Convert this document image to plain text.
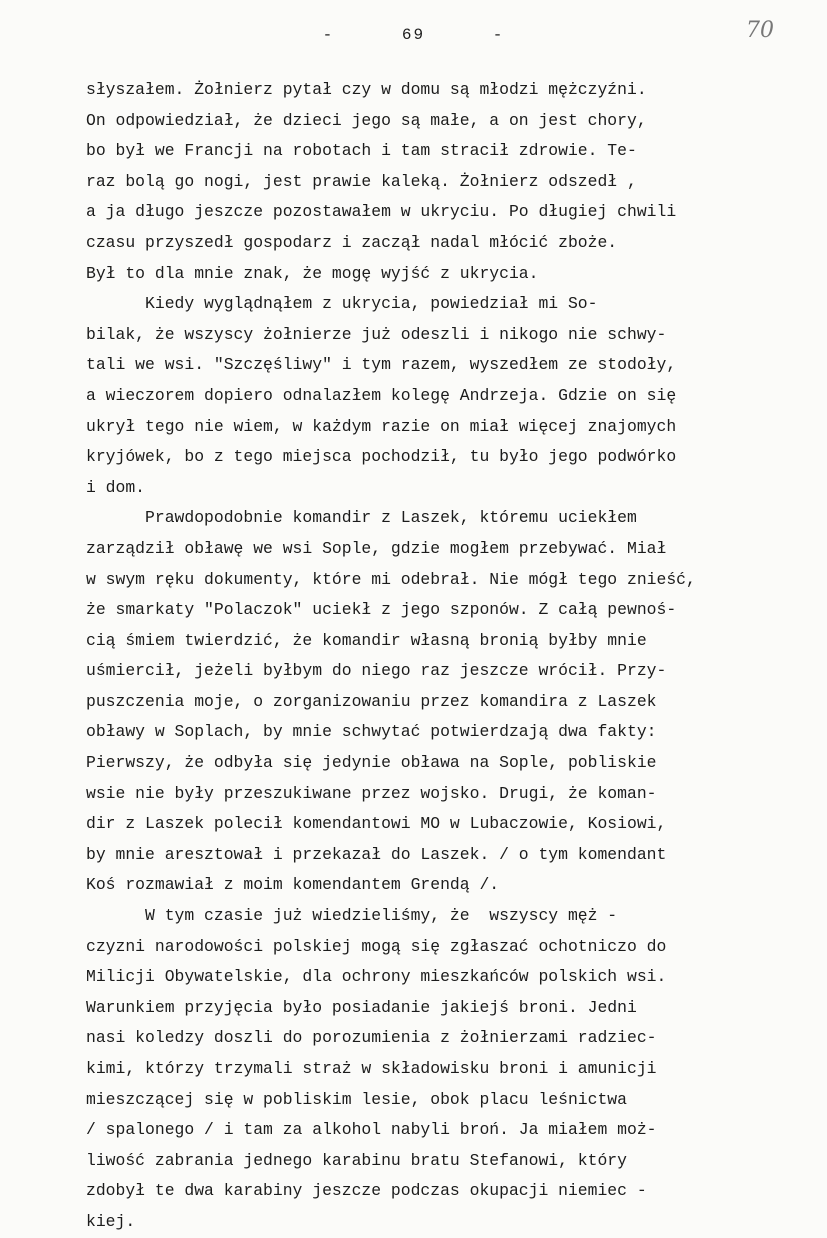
-	69	-	70
słyszałem. Żołnierz pytał czy w domu są młodzi mężczyźni.
On odpowiedział, że dzieci jego są małe, a on jest chory,
bo był we Francji na robotach i tam stracił zdrowie. Te-
raz bolą go nogi, jest prawie kaleką. Żołnierz odszedł ,
a ja długo jeszcze pozostawałem w ukryciu. Po długiej chwili
czasu przyszedł gospodarz i zaczął nadal młócić zboże.
Był to dla mnie znak, że mogę wyjść z ukrycia.
Kiedy wyglądnąłem z ukrycia, powiedział mi So-
bilak, że wszyscy żołnierze już odeszli i nikogo nie schwy-
tali we wsi. "Szczęśliwy" i tym razem, wyszedłem ze stodoły,
a wieczorem dopiero odnalazłem kolegę Andrzeja. Gdzie on się
ukrył tego nie wiem, w każdym razie on miał więcej znajomych
kryjówek, bo z tego miejsca pochodził, tu było jego podwórko
i dom.
Prawdopodobnie komandir z Laszek, któremu uciekłem
zarządził obławę we wsi Sople, gdzie mogłem przebywać. Miał
w swym ręku dokumenty, które mi odebrał. Nie mógł tego znieść,
że smarkaty "Polaczok" uciekł z jego szponów. Z całą pewnoś-
cią śmiem twierdzić, że komandir własną bronią byłby mnie
uśmiercił, jeżeli byłbym do niego raz jeszcze wrócił. Przy-
puszczenia moje, o zorganizowaniu przez komandira z Laszek
obławy w Soplach, by mnie schwytać potwierdzają dwa fakty:
Pierwszy, że odbyła się jedynie obława na Sople, pobliskie
wsie nie były przeszukiwane przez wojsko. Drugi, że koman-
dir z Laszek polecił komendantowi MO w Lubaczowie, Kosiowi,
by mnie aresztował i przekazał do Laszek. / o tym komendant
Koś rozmawiał z moim komendantem Grendą /.
W tym czasie już wiedzieliśmy, że  wszyscy męż -
czyzni narodowości polskiej mogą się zgłaszać ochotniczo do
Milicji Obywatelskie, dla ochrony mieszkańców polskich wsi.
Warunkiem przyjęcia było posiadanie jakiejś broni. Jedni
nasi koledzy doszli do porozumienia z żołnierzami radziec-
kimi, którzy trzymali straż w składowisku broni i amunicji
mieszczącej się w pobliskim lesie, obok placu leśnictwa
/ spalonego / i tam za alkohol nabyli broń. Ja miałem moż-
liwość zabrania jednego karabinu bratu Stefanowi, który
zdobył te dwa karabiny jeszcze podczas okupacji niemiec -
kiej.
